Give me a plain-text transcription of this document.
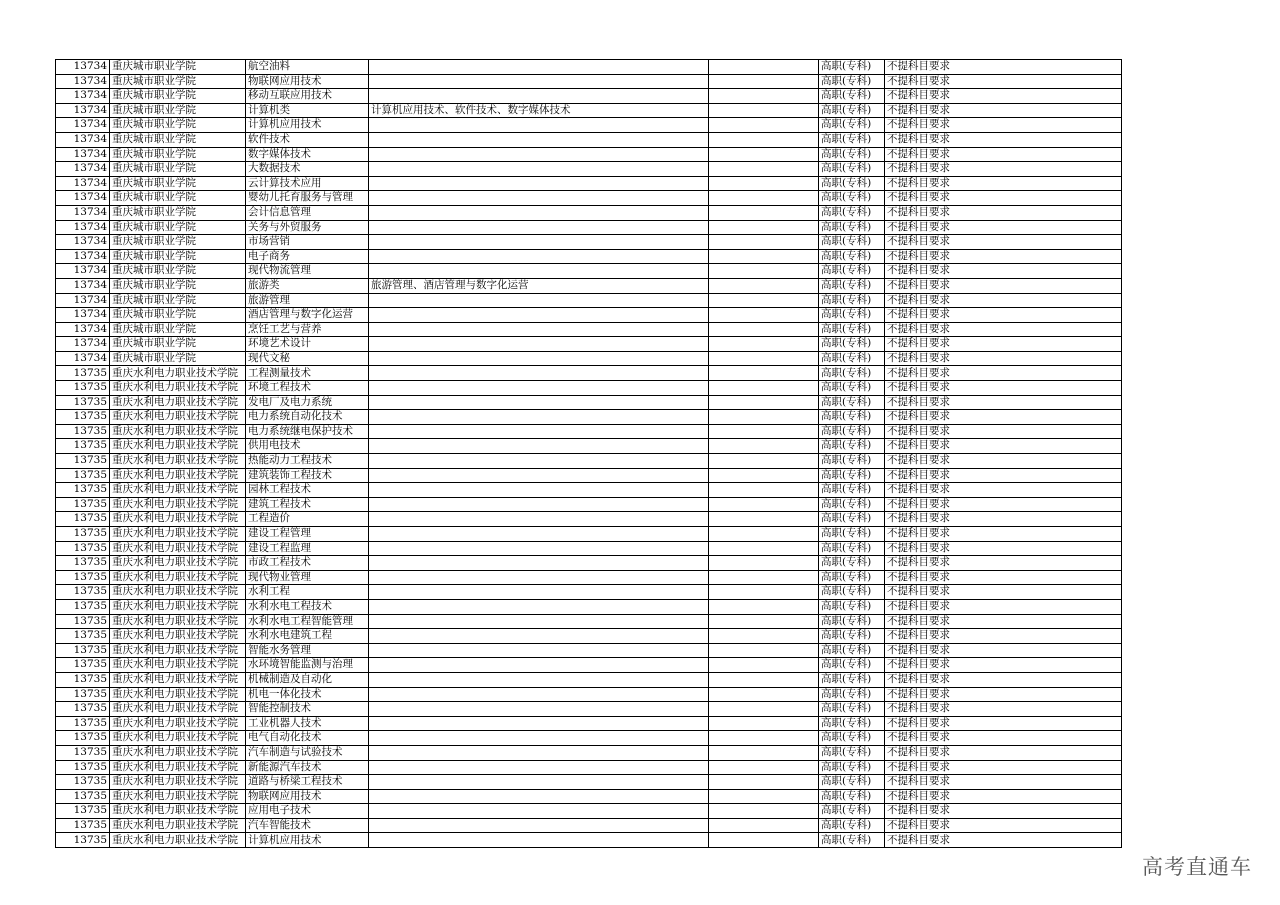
13734	重庆城市职业学院	航空油料			高职(专科)	不提科目要求
13734	重庆城市职业学院	物联网应用技术			高职(专科)	不提科目要求
13734	重庆城市职业学院	移动互联应用技术			高职(专科)	不提科目要求
13734	重庆城市职业学院	计算机类	计算机应用技术、软件技术、数字媒体技术		高职(专科)	不提科目要求
13734	重庆城市职业学院	计算机应用技术			高职(专科)	不提科目要求
13734	重庆城市职业学院	软件技术			高职(专科)	不提科目要求
13734	重庆城市职业学院	数字媒体技术			高职(专科)	不提科目要求
13734	重庆城市职业学院	大数据技术			高职(专科)	不提科目要求
13734	重庆城市职业学院	云计算技术应用			高职(专科)	不提科目要求
13734	重庆城市职业学院	婴幼儿托育服务与管理			高职(专科)	不提科目要求
13734	重庆城市职业学院	会计信息管理			高职(专科)	不提科目要求
13734	重庆城市职业学院	关务与外贸服务			高职(专科)	不提科目要求
13734	重庆城市职业学院	市场营销			高职(专科)	不提科目要求
13734	重庆城市职业学院	电子商务			高职(专科)	不提科目要求
13734	重庆城市职业学院	现代物流管理			高职(专科)	不提科目要求
13734	重庆城市职业学院	旅游类	旅游管理、酒店管理与数字化运营		高职(专科)	不提科目要求
13734	重庆城市职业学院	旅游管理			高职(专科)	不提科目要求
13734	重庆城市职业学院	酒店管理与数字化运营			高职(专科)	不提科目要求
13734	重庆城市职业学院	烹饪工艺与营养			高职(专科)	不提科目要求
13734	重庆城市职业学院	环境艺术设计			高职(专科)	不提科目要求
13734	重庆城市职业学院	现代文秘			高职(专科)	不提科目要求
13735	重庆水利电力职业技术学院	工程测量技术			高职(专科)	不提科目要求
13735	重庆水利电力职业技术学院	环境工程技术			高职(专科)	不提科目要求
13735	重庆水利电力职业技术学院	发电厂及电力系统			高职(专科)	不提科目要求
13735	重庆水利电力职业技术学院	电力系统自动化技术			高职(专科)	不提科目要求
13735	重庆水利电力职业技术学院	电力系统继电保护技术			高职(专科)	不提科目要求
13735	重庆水利电力职业技术学院	供用电技术			高职(专科)	不提科目要求
13735	重庆水利电力职业技术学院	热能动力工程技术			高职(专科)	不提科目要求
13735	重庆水利电力职业技术学院	建筑装饰工程技术			高职(专科)	不提科目要求
13735	重庆水利电力职业技术学院	园林工程技术			高职(专科)	不提科目要求
13735	重庆水利电力职业技术学院	建筑工程技术			高职(专科)	不提科目要求
13735	重庆水利电力职业技术学院	工程造价			高职(专科)	不提科目要求
13735	重庆水利电力职业技术学院	建设工程管理			高职(专科)	不提科目要求
13735	重庆水利电力职业技术学院	建设工程监理			高职(专科)	不提科目要求
13735	重庆水利电力职业技术学院	市政工程技术			高职(专科)	不提科目要求
13735	重庆水利电力职业技术学院	现代物业管理			高职(专科)	不提科目要求
13735	重庆水利电力职业技术学院	水利工程			高职(专科)	不提科目要求
13735	重庆水利电力职业技术学院	水利水电工程技术			高职(专科)	不提科目要求
13735	重庆水利电力职业技术学院	水利水电工程智能管理			高职(专科)	不提科目要求
13735	重庆水利电力职业技术学院	水利水电建筑工程			高职(专科)	不提科目要求
13735	重庆水利电力职业技术学院	智能水务管理			高职(专科)	不提科目要求
13735	重庆水利电力职业技术学院	水环境智能监测与治理			高职(专科)	不提科目要求
13735	重庆水利电力职业技术学院	机械制造及自动化			高职(专科)	不提科目要求
13735	重庆水利电力职业技术学院	机电一体化技术			高职(专科)	不提科目要求
13735	重庆水利电力职业技术学院	智能控制技术			高职(专科)	不提科目要求
13735	重庆水利电力职业技术学院	工业机器人技术			高职(专科)	不提科目要求
13735	重庆水利电力职业技术学院	电气自动化技术			高职(专科)	不提科目要求
13735	重庆水利电力职业技术学院	汽车制造与试验技术			高职(专科)	不提科目要求
13735	重庆水利电力职业技术学院	新能源汽车技术			高职(专科)	不提科目要求
13735	重庆水利电力职业技术学院	道路与桥梁工程技术			高职(专科)	不提科目要求
13735	重庆水利电力职业技术学院	物联网应用技术			高职(专科)	不提科目要求
13735	重庆水利电力职业技术学院	应用电子技术			高职(专科)	不提科目要求
13735	重庆水利电力职业技术学院	汽车智能技术			高职(专科)	不提科目要求
13735	重庆水利电力职业技术学院	计算机应用技术			高职(专科)	不提科目要求
高考直通车
